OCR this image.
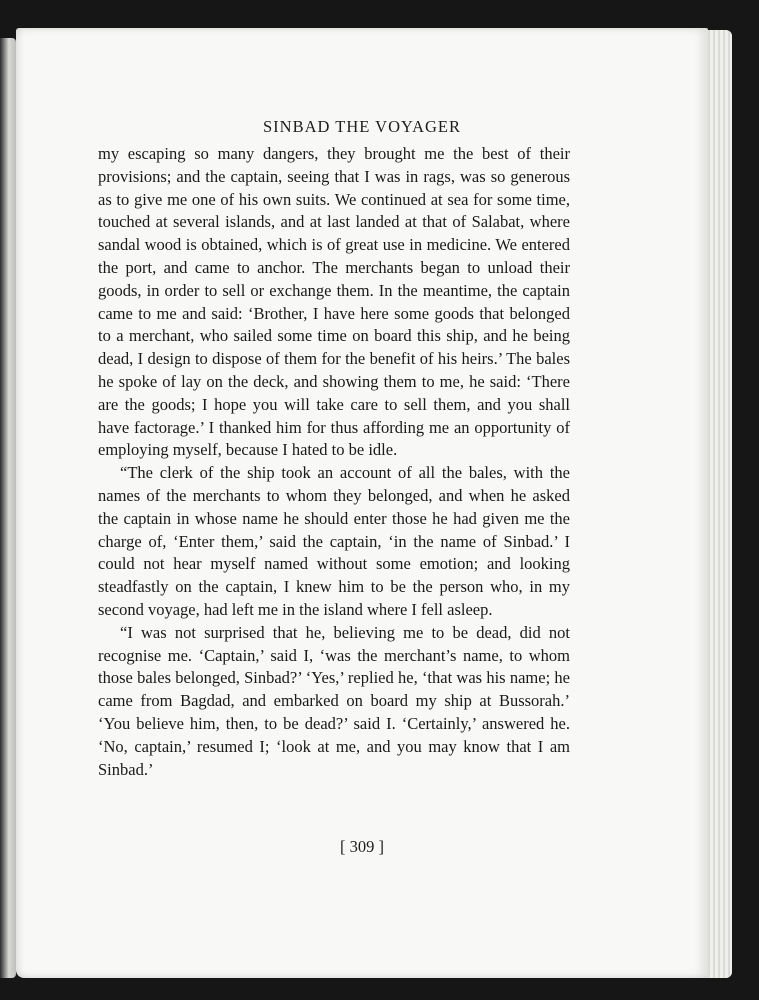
SINBAD THE VOYAGER

my escaping so many dangers, they brought me the best of their provisions; and the captain, seeing that I was in rags, was so generous as to give me one of his own suits. We continued at sea for some time, touched at several islands, and at last landed at that of Salabat, where sandal wood is obtained, which is of great use in medicine. We entered the port, and came to anchor. The merchants began to unload their goods, in order to sell or exchange them. In the meantime, the captain came to me and said: ‘Brother, I have here some goods that belonged to a merchant, who sailed some time on board this ship, and he being dead, I design to dispose of them for the benefit of his heirs.’ The bales he spoke of lay on the deck, and showing them to me, he said: ‘There are the goods; I hope you will take care to sell them, and you shall have factorage.’ I thanked him for thus affording me an opportunity of employing myself, because I hated to be idle.

“The clerk of the ship took an account of all the bales, with the names of the merchants to whom they belonged, and when he asked the captain in whose name he should enter those he had given me the charge of, ‘Enter them,’ said the captain, ‘in the name of Sinbad.’ I could not hear myself named without some emotion; and looking steadfastly on the captain, I knew him to be the person who, in my second voyage, had left me in the island where I fell asleep.

“I was not surprised that he, believing me to be dead, did not recognise me. ‘Captain,’ said I, ‘was the merchant’s name, to whom those bales belonged, Sinbad?’ ‘Yes,’ replied he, ‘that was his name; he came from Bagdad, and embarked on board my ship at Bussorah.’ ‘You believe him, then, to be dead?’ said I. ‘Certainly,’ answered he. ‘No, captain,’ resumed I; ‘look at me, and you may know that I am Sinbad.’

[ 309 ]
